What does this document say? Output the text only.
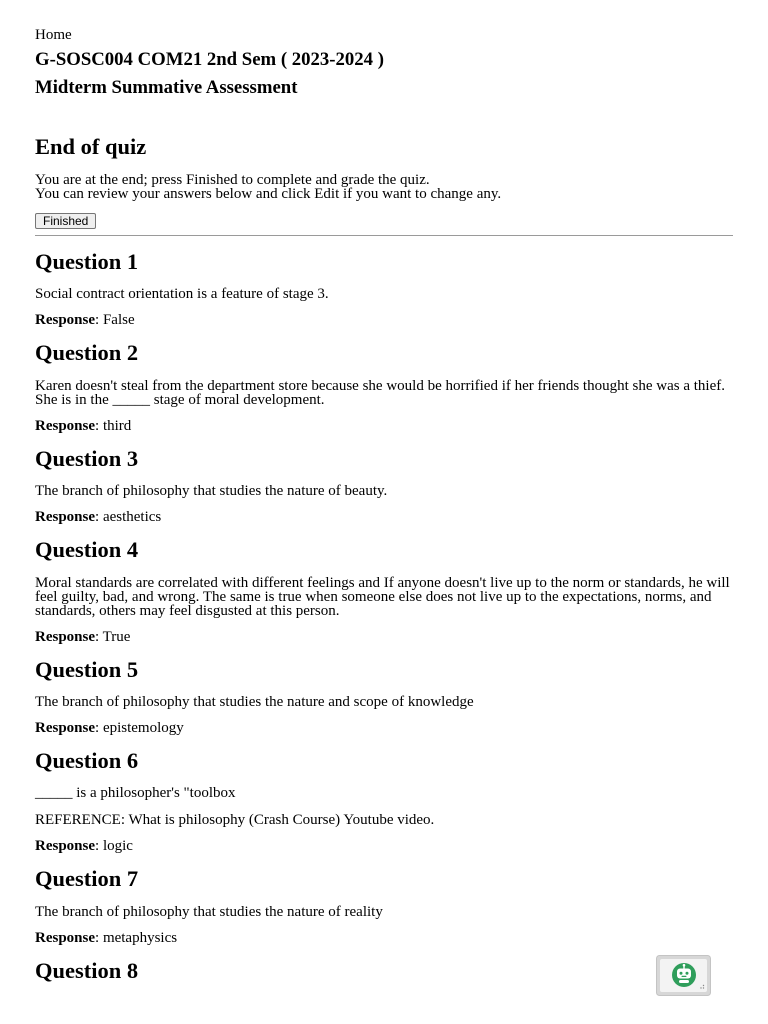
Home
G-SOSC004 COM21 2nd Sem ( 2023-2024 )
Midterm Summative Assessment
End of quiz

You are at the end; press Finished to complete and grade the quiz.
You can review your answers below and click Edit if you want to change any.

Finished
Question 1

Social contract orientation is a feature of stage 3.

Response: False

Question 2

Karen doesn't steal from the department store because she would be horrified if her friends thought she was a thief. She is in the _____ stage of moral development.

Response: third

Question 3

The branch of philosophy that studies the nature of beauty.

Response: aesthetics

Question 4

Moral standards are correlated with different feelings and If anyone doesn't live up to the norm or standards, he will feel guilty, bad, and wrong. The same is true when someone else does not live up to the expectations, norms, and standards, others may feel disgusted at this person.

Response: True

Question 5

The branch of philosophy that studies the nature and scope of knowledge

Response: epistemology

Question 6

_____ is a philosopher's "toolbox

REFERENCE: What is philosophy (Crash Course) Youtube video.

Response: logic

Question 7

The branch of philosophy that studies the nature of reality

Response: metaphysics

Question 8
